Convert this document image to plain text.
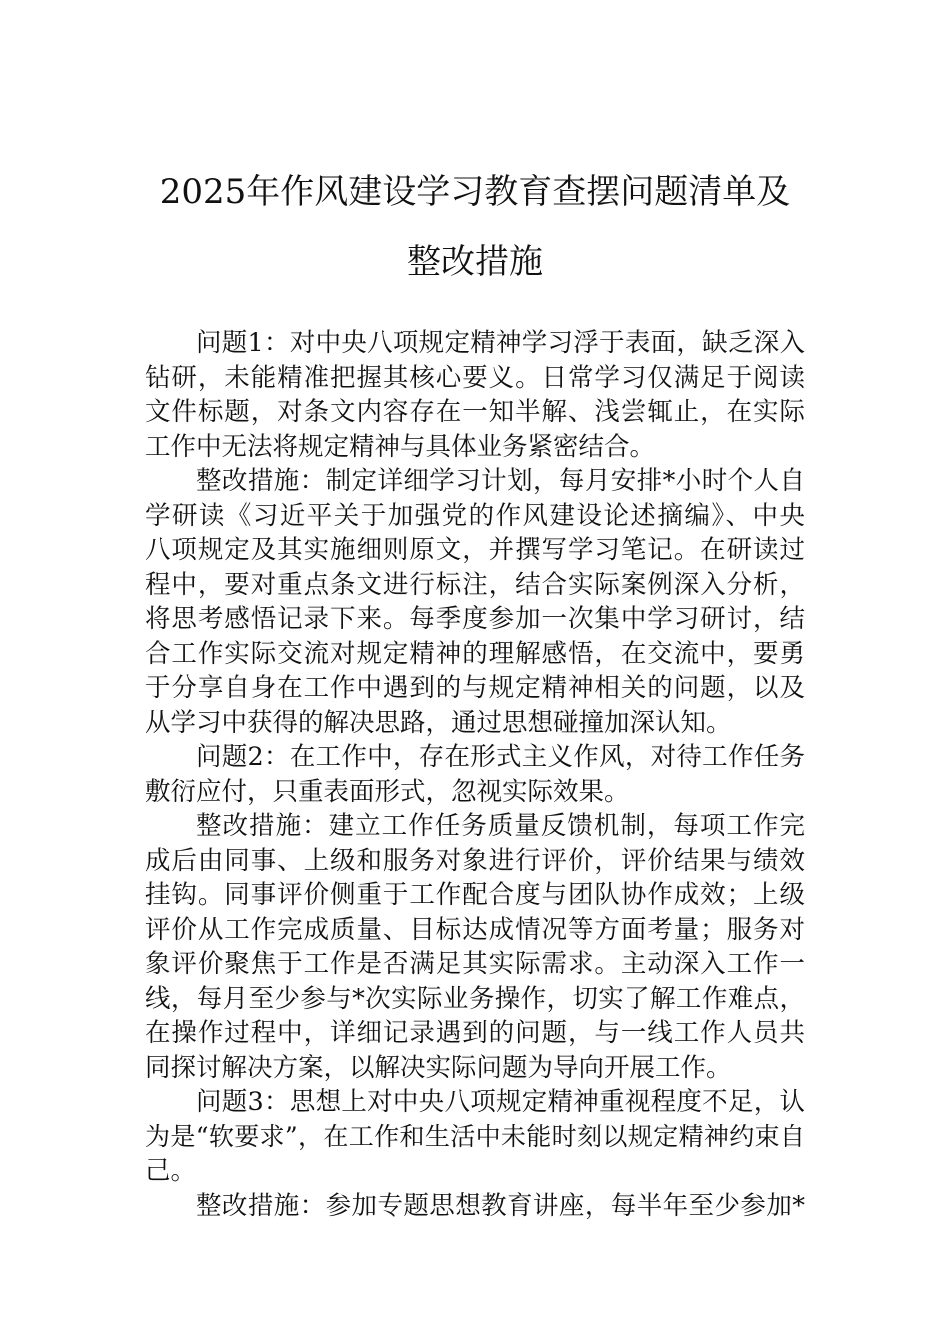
2025年作风建设学习教育查摆问题清单及
整改措施
问题1：对中央八项规定精神学习浮于表面，缺乏深入
钻研，未能精准把握其核心要义。日常学习仅满足于阅读
文件标题，对条文内容存在一知半解、浅尝辄止，在实际
工作中无法将规定精神与具体业务紧密结合。
整改措施：制定详细学习计划，每月安排*小时个人自
学研读《习近平关于加强党的作风建设论述摘编》、中央
八项规定及其实施细则原文，并撰写学习笔记。在研读过
程中，要对重点条文进行标注，结合实际案例深入分析，
将思考感悟记录下来。每季度参加一次集中学习研讨，结
合工作实际交流对规定精神的理解感悟，在交流中，要勇
于分享自身在工作中遇到的与规定精神相关的问题，以及
从学习中获得的解决思路，通过思想碰撞加深认知。
问题2：在工作中，存在形式主义作风，对待工作任务
敷衍应付，只重表面形式，忽视实际效果。
整改措施：建立工作任务质量反馈机制，每项工作完
成后由同事、上级和服务对象进行评价，评价结果与绩效
挂钩。同事评价侧重于工作配合度与团队协作成效；上级
评价从工作完成质量、目标达成情况等方面考量；服务对
象评价聚焦于工作是否满足其实际需求。主动深入工作一
线，每月至少参与*次实际业务操作，切实了解工作难点，
在操作过程中，详细记录遇到的问题，与一线工作人员共
同探讨解决方案，以解决实际问题为导向开展工作。
问题3：思想上对中央八项规定精神重视程度不足，认
为是“软要求”，在工作和生活中未能时刻以规定精神约束自
己。
整改措施：参加专题思想教育讲座，每半年至少参加*
